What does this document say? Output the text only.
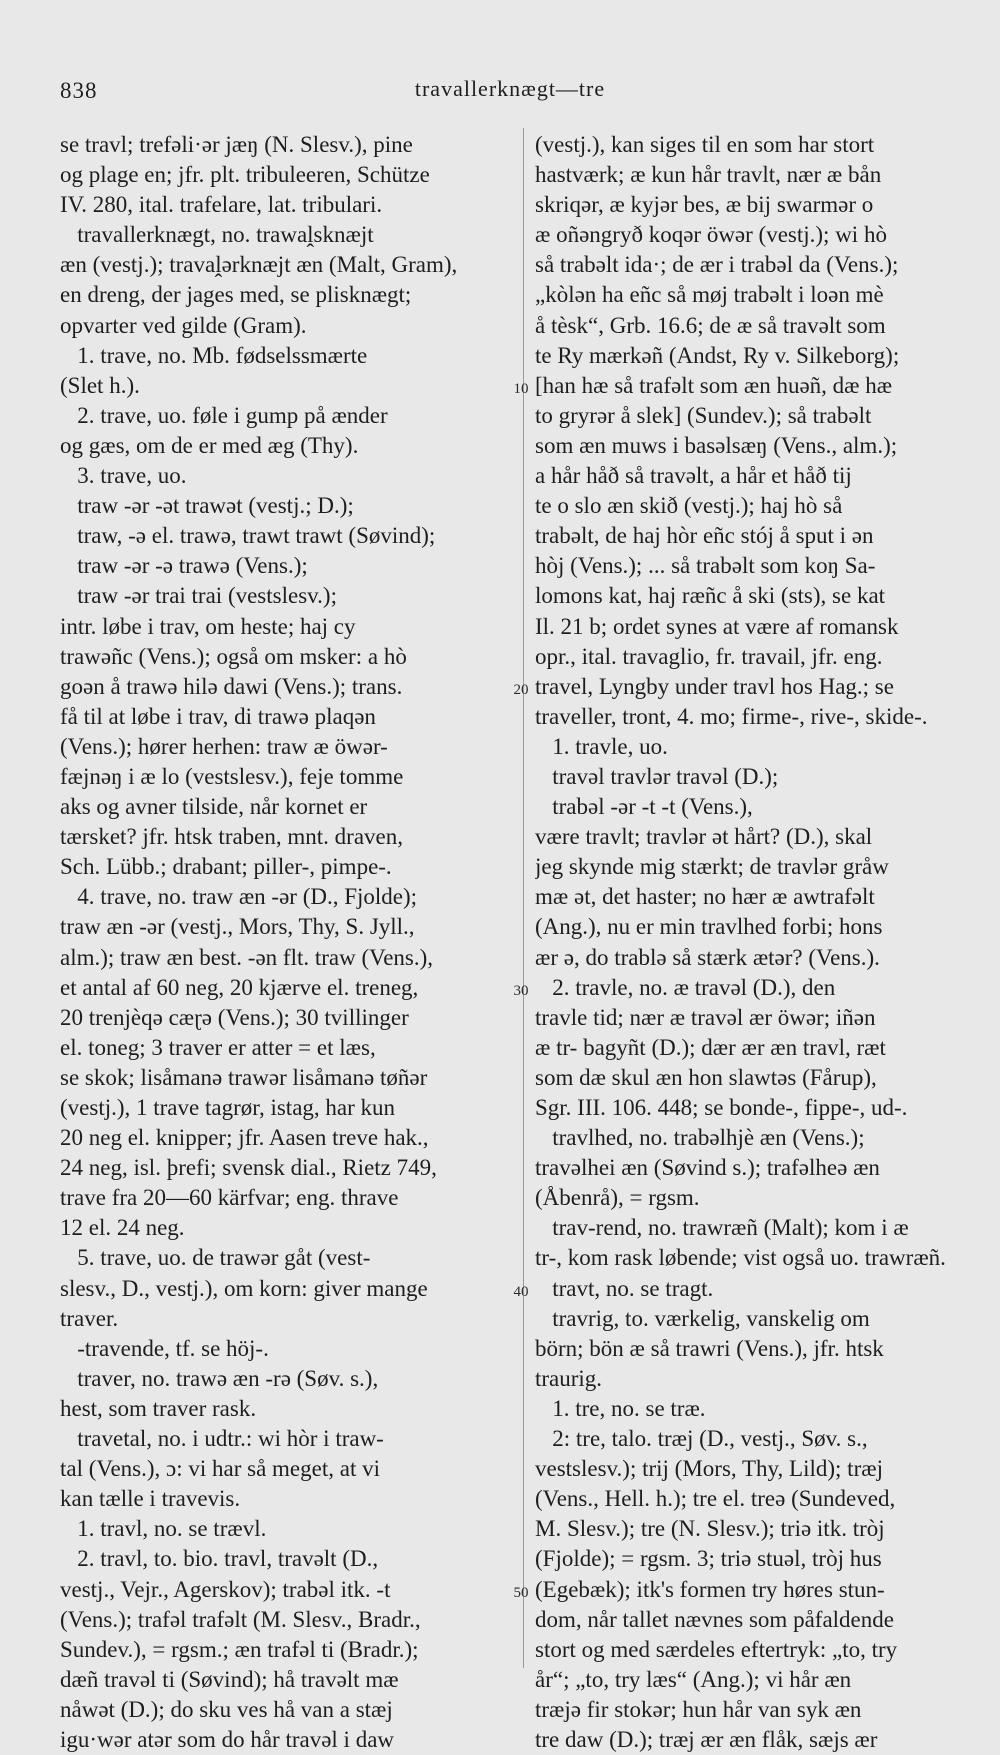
838	travallerknægt—tre
10
20
30
40
50
se travl; trefəli·ər jæŋ (N. Slesv.), pine
og plage en; jfr. plt. tribuleeren, Schütze
IV. 280, ital. trafelare, lat. tribulari.
travallerknægt, no. trawaḽsknæjt
æn (vestj.); travaḽərknæjt æn (Malt, Gram),
en dreng, der jages med, se plisknægt;
opvarter ved gilde (Gram).
1. trave, no. Mb. fødselssmærte
(Slet h.).
2. trave, uo. føle i gump på ænder
og gæs, om de er med æg (Thy).
3. trave, uo.
traw -ər -ət trawət (vestj.; D.);
traw, -ə el. trawə, trawt trawt (Søvind);
traw -ər -ə trawə (Vens.);
traw -ər trai trai (vestslesv.);
intr. løbe i trav, om heste; haj cy
trawəñc (Vens.); også om msker: a hò
goən å trawə hilə dawi (Vens.); trans.
få til at løbe i trav, di trawə plaqən
(Vens.); hører herhen: traw æ öwər-
fæjnəŋ i æ lo (vestslesv.), feje tomme
aks og avner tilside, når kornet er
tærsket? jfr. htsk traben, mnt. draven,
Sch. Lübb.; drabant; piller-, pimpe-.
4. trave, no. traw æn -ər (D., Fjolde);
traw æn -ər (vestj., Mors, Thy, S. Jyll.,
alm.); traw æn best. -ən flt. traw (Vens.),
et antal af 60 neg, 20 kjærve el. treneg,
20 trenjèqə cæɽə (Vens.); 30 tvillinger
el. toneg; 3 traver er atter = et læs,
se skok; lisåmanə trawər lisåmanə tøñər
(vestj.), 1 trave tagrør, istag, har kun
20 neg el. knipper; jfr. Aasen treve hak.,
24 neg, isl. þrefi; svensk dial., Rietz 749,
trave fra 20—60 kärfvar; eng. thrave
12 el. 24 neg.
5. trave, uo. de trawər gåt (vest-
slesv., D., vestj.), om korn: giver mange
traver.
-travende, tf. se höj-.
traver, no. trawə æn -rə (Søv. s.),
hest, som traver rask.
travetal, no. i udtr.: wi hòr i traw-
tal (Vens.), ɔ: vi har så meget, at vi
kan tælle i travevis.
1. travl, no. se trævl.
2. travl, to. bio. travl, travəlt (D.,
vestj., Vejr., Agerskov); trabəl itk. -t
(Vens.); trafəl trafəlt (M. Slesv., Bradr.,
Sundev.), = rgsm.; æn trafəl ti (Bradr.);
dæñ travəl ti (Søvind); hå travəlt mæ
nåwət (D.); do sku ves hå van a stæj
igu·wər atər som do hår travəl i daw
(vestj.), kan siges til en som har stort
hastværk; æ kun hår travlt, nær æ bån
skriqər, æ kyjər bes, æ bij swarmər o
æ oñəngryð koqər öwər (vestj.); wi hò
så trabəlt ida·; de ær i trabəl da (Vens.);
„kòlən ha eñc så møj trabəlt i loən mè
å tèsk“, Grb. 16.6; de æ så travəlt som
te Ry mærkəñ (Andst, Ry v. Silkeborg);
[han hæ så trafəlt som æn huəñ, dæ hæ
to gryrər å slek] (Sundev.); så trabəlt
som æn muws i basəlsæŋ (Vens., alm.);
a hår håð så travəlt, a hår et håð tij
te o slo æn skið (vestj.); haj hò så
trabəlt, de haj hòr eñc stój å sput i ən
hòj (Vens.); ... så trabəlt som koŋ Sa-
lomons kat, haj ræñc å ski (sts), se kat
Il. 21 b; ordet synes at være af romansk
opr., ital. travaglio, fr. travail, jfr. eng.
travel, Lyngby under travl hos Hag.; se
traveller, tront, 4. mo; firme-, rive-, skide-.
1. travle, uo.
travəl travlər travəl (D.);
trabəl -ər -t -t (Vens.),
være travlt; travlər ət hårt? (D.), skal
jeg skynde mig stærkt; de travlər gråw
mæ ət, det haster; no hær æ awtrafəlt
(Ang.), nu er min travlhed forbi; hons
ær ə, do trablə så stærk ætər? (Vens.).
2. travle, no. æ travəl (D.), den
travle tid; nær æ travəl ær öwər; iñən
æ tr- bagyñt (D.); dær ær æn travl, ræt
som dæ skul æn hon slawtəs (Fårup),
Sgr. III. 106. 448; se bonde-, fippe-, ud-.
travlhed, no. trabəlhjè æn (Vens.);
travəlhei æn (Søvind s.); trafəlheə æn
(Åbenrå), = rgsm.
trav-rend, no. trawræñ (Malt); kom i æ
tr-, kom rask løbende; vist også uo. trawræñ.
travt, no. se tragt.
travrig, to. værkelig, vanskelig om
börn; bön æ så trawri (Vens.), jfr. htsk
traurig.
1. tre, no. se træ.
2: tre, talo. træj (D., vestj., Søv. s.,
vestslesv.); trij (Mors, Thy, Lild); træj
(Vens., Hell. h.); tre el. treə (Sundeved,
M. Slesv.); tre (N. Slesv.); triə itk. tròj
(Fjolde); = rgsm. 3; triə stuəl, tròj hus
(Egebæk); itk's formen try høres stun-
dom, når tallet nævnes som påfaldende
stort og med særdeles eftertryk: „to, try
år“; „to, try læs“ (Ang.); vi hår æn
træjə fir stokər; hun hår van syk æn
tre daw (D.); træj ær æn flåk, sæjs ær
